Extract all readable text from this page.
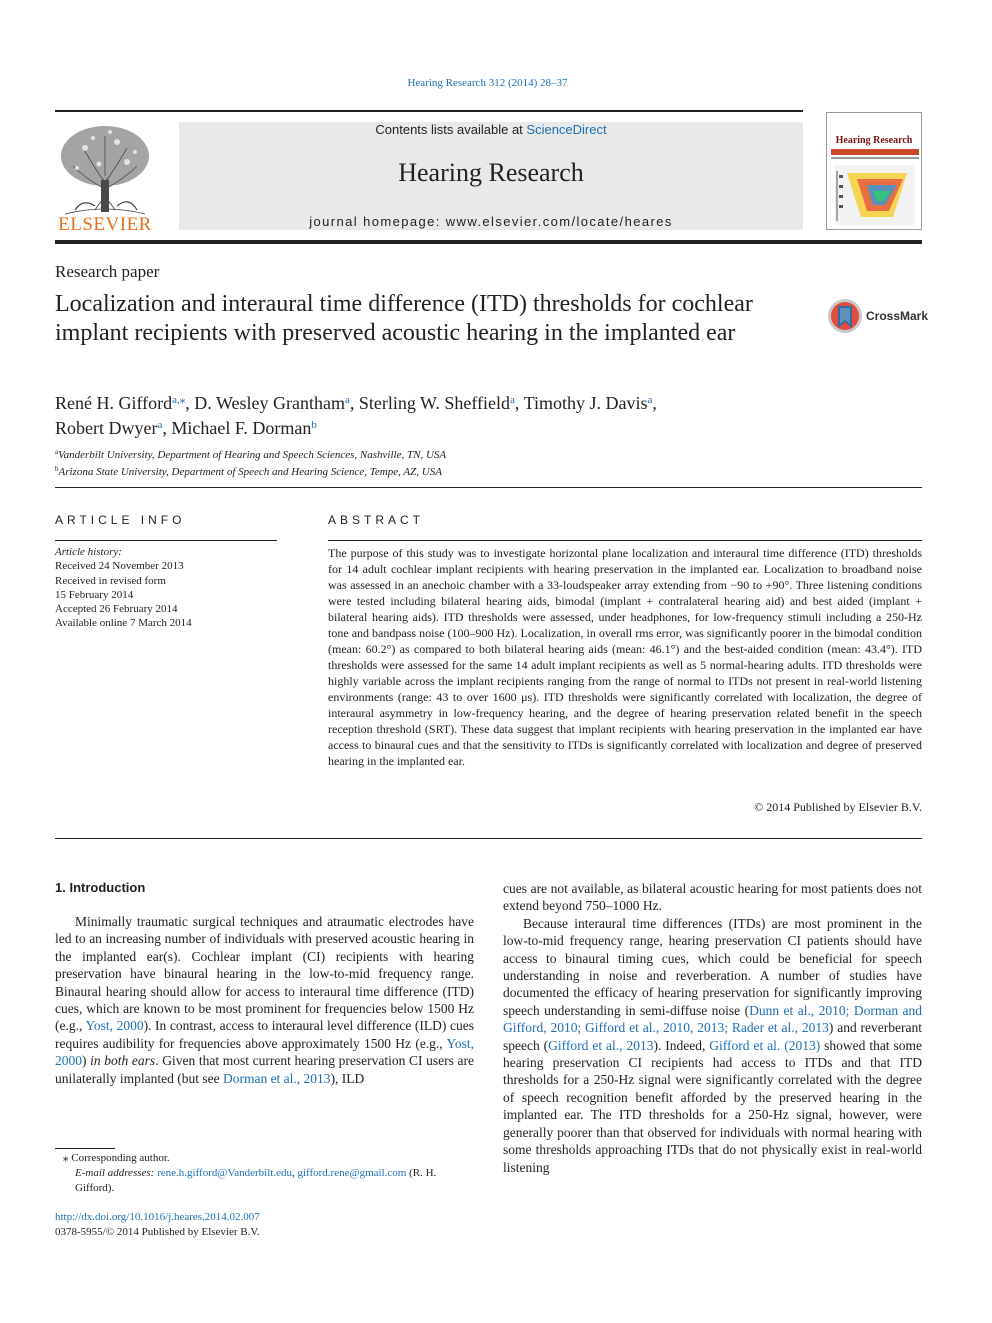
Hearing Research 312 (2014) 28–37
ELSEVIER
Contents lists available at ScienceDirect
Hearing Research
journal homepage: www.elsevier.com/locate/heares
Hearing Research
Research paper
Localization and interaural time difference (ITD) thresholds for cochlear implant recipients with preserved acoustic hearing in the implanted ear
CrossMark
René H. Gifford$^{a,⁎}$, D. Wesley Grantham$^a$, Sterling W. Sheffield$^a$, Timothy J. Davis$^a$,
Robert Dwyer$^a$, Michael F. Dorman$^b$
$^a$Vanderbilt University, Department of Hearing and Speech Sciences, Nashville, TN, USA
$^b$Arizona State University, Department of Speech and Hearing Science, Tempe, AZ, USA
ARTICLE INFO
Article history:
Received 24 November 2013
Received in revised form
15 February 2014
Accepted 26 February 2014
Available online 7 March 2014
ABSTRACT
The purpose of this study was to investigate horizontal plane localization and interaural time difference (ITD) thresholds for 14 adult cochlear implant recipients with hearing preservation in the implanted ear. Localization to broadband noise was assessed in an anechoic chamber with a 33-loudspeaker array extending from −90 to +90°. Three listening conditions were tested including bilateral hearing aids, bimodal (implant + contralateral hearing aid) and best aided (implant + bilateral hearing aids). ITD thresholds were assessed, under headphones, for low-frequency stimuli including a 250-Hz tone and bandpass noise (100–900 Hz). Localization, in overall rms error, was significantly poorer in the bimodal condition (mean: 60.2°) as compared to both bilateral hearing aids (mean: 46.1°) and the best-aided condition (mean: 43.4°). ITD thresholds were assessed for the same 14 adult implant recipients as well as 5 normal-hearing adults. ITD thresholds were highly variable across the implant recipients ranging from the range of normal to ITDs not present in real-world listening environments (range: 43 to over 1600 μs). ITD thresholds were significantly correlated with localization, the degree of interaural asymmetry in low-frequency hearing, and the degree of hearing preservation related benefit in the speech reception threshold (SRT). These data suggest that implant recipients with hearing preservation in the implanted ear have access to binaural cues and that the sensitivity to ITDs is significantly correlated with localization and degree of preserved hearing in the implanted ear.
© 2014 Published by Elsevier B.V.
1. Introduction
Minimally traumatic surgical techniques and atraumatic electrodes have led to an increasing number of individuals with preserved acoustic hearing in the implanted ear(s). Cochlear implant (CI) recipients with hearing preservation have binaural hearing in the low-to-mid frequency range. Binaural hearing should allow for access to interaural time difference (ITD) cues, which are known to be most prominent for frequencies below 1500 Hz (e.g., Yost, 2000). In contrast, access to interaural level difference (ILD) cues requires audibility for frequencies above approximately 1500 Hz (e.g., Yost, 2000) in both ears. Given that most current hearing preservation CI users are unilaterally implanted (but see Dorman et al., 2013), ILD
cues are not available, as bilateral acoustic hearing for most patients does not extend beyond 750–1000 Hz.
Because interaural time differences (ITDs) are most prominent in the low-to-mid frequency range, hearing preservation CI patients should have access to binaural timing cues, which could be beneficial for speech understanding in noise and reverberation. A number of studies have documented the efficacy of hearing preservation for significantly improving speech understanding in semi-diffuse noise (Dunn et al., 2010; Dorman and Gifford, 2010; Gifford et al., 2010, 2013; Rader et al., 2013) and reverberant speech (Gifford et al., 2013). Indeed, Gifford et al. (2013) showed that some hearing preservation CI recipients had access to ITDs and that ITD thresholds for a 250-Hz signal were significantly correlated with the degree of speech recognition benefit afforded by the preserved hearing in the implanted ear. The ITD thresholds for a 250-Hz signal, however, were generally poorer than that observed for individuals with normal hearing with some thresholds approaching ITDs that do not physically exist in real-world listening
⁎ Corresponding author.
E-mail addresses: rene.h.gifford@Vanderbilt.edu, gifford.rene@gmail.com (R. H. Gifford).
http://dx.doi.org/10.1016/j.heares.2014.02.007
0378-5955/© 2014 Published by Elsevier B.V.
